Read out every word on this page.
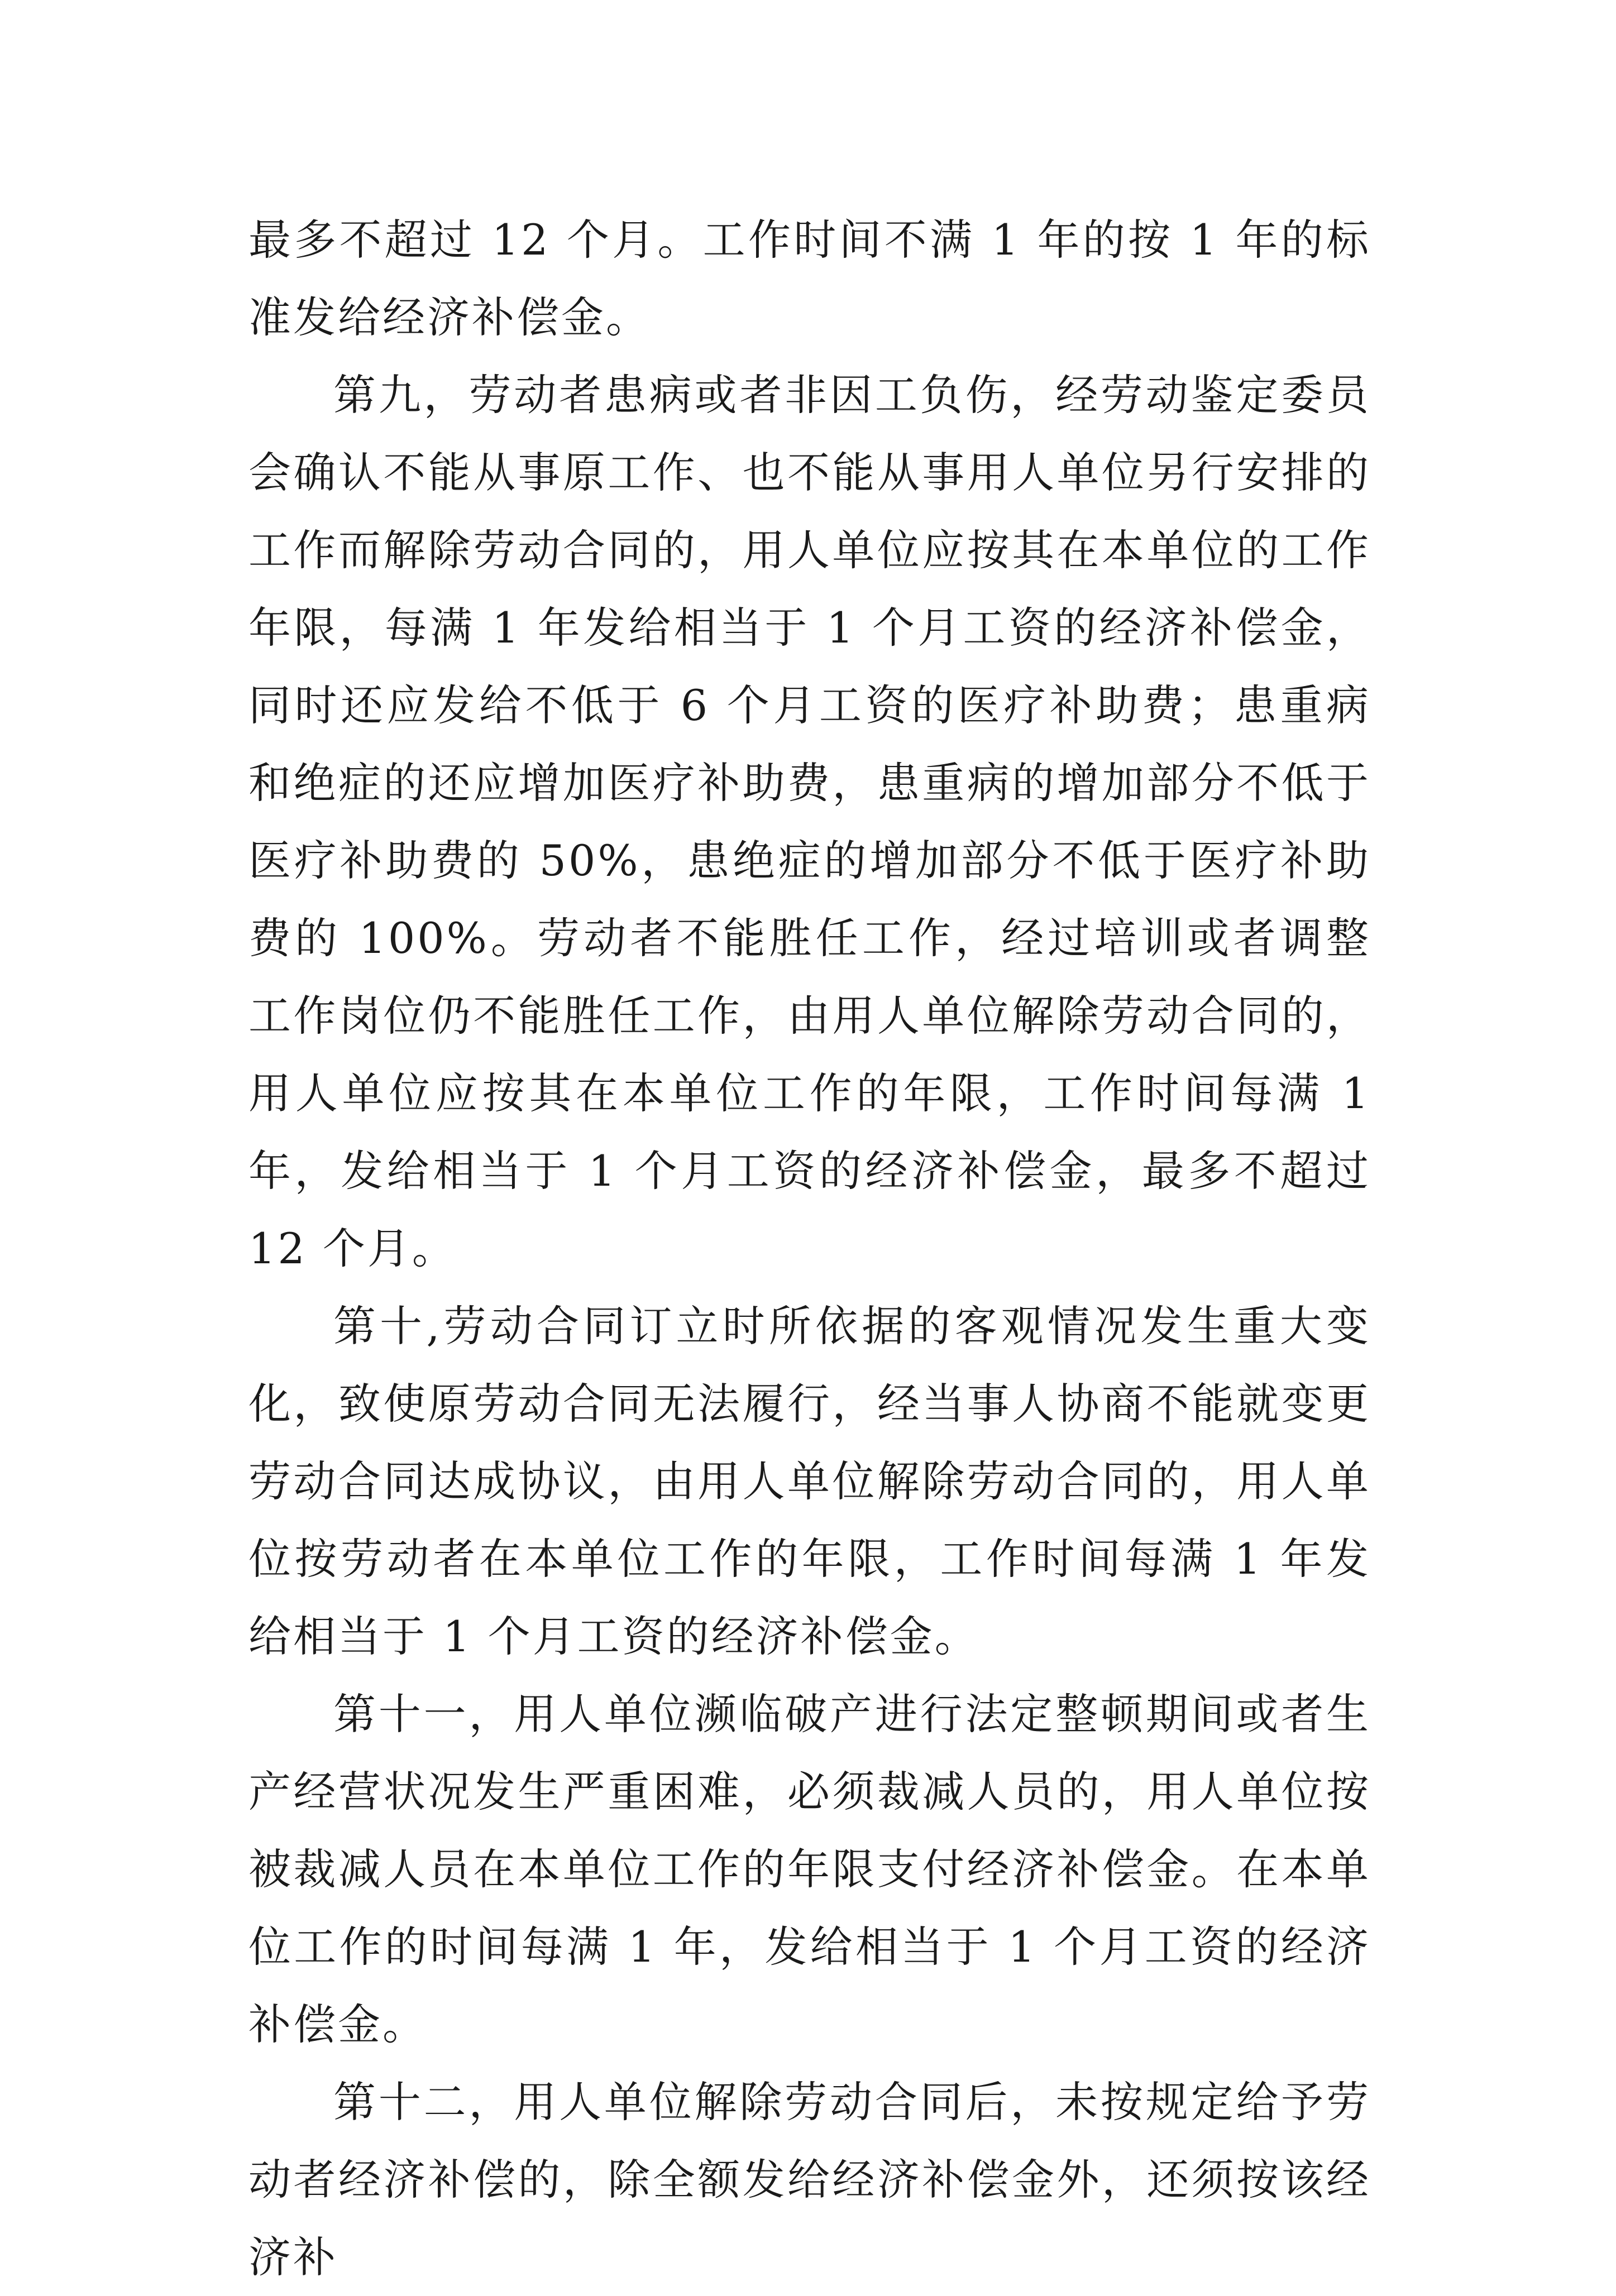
最多不超过 12 个月。工作时间不满 1 年的按 1 年的标准发给经济补偿金。

第九，劳动者患病或者非因工负伤，经劳动鉴定委员会确认不能从事原工作、也不能从事用人单位另行安排的工作而解除劳动合同的，用人单位应按其在本单位的工作年限，每满 1 年发给相当于 1 个月工资的经济补偿金，同时还应发给不低于 6 个月工资的医疗补助费；患重病和绝症的还应增加医疗补助费，患重病的增加部分不低于医疗补助费的 50%，患绝症的增加部分不低于医疗补助费的 100%。劳动者不能胜任工作，经过培训或者调整工作岗位仍不能胜任工作，由用人单位解除劳动合同的，用人单位应按其在本单位工作的年限，工作时间每满 1 年，发给相当于 1 个月工资的经济补偿金，最多不超过 12 个月。

第十,劳动合同订立时所依据的客观情况发生重大变化，致使原劳动合同无法履行，经当事人协商不能就变更劳动合同达成协议，由用人单位解除劳动合同的，用人单位按劳动者在本单位工作的年限，工作时间每满 1 年发给相当于 1 个月工资的经济补偿金。

第十一，用人单位濒临破产进行法定整顿期间或者生产经营状况发生严重困难，必须裁减人员的，用人单位按被裁减人员在本单位工作的年限支付经济补偿金。在本单位工作的时间每满 1 年，发给相当于 1 个月工资的经济补偿金。

第十二，用人单位解除劳动合同后，未按规定给予劳动者经济补偿的，除全额发给经济补偿金外，还须按该经济补
